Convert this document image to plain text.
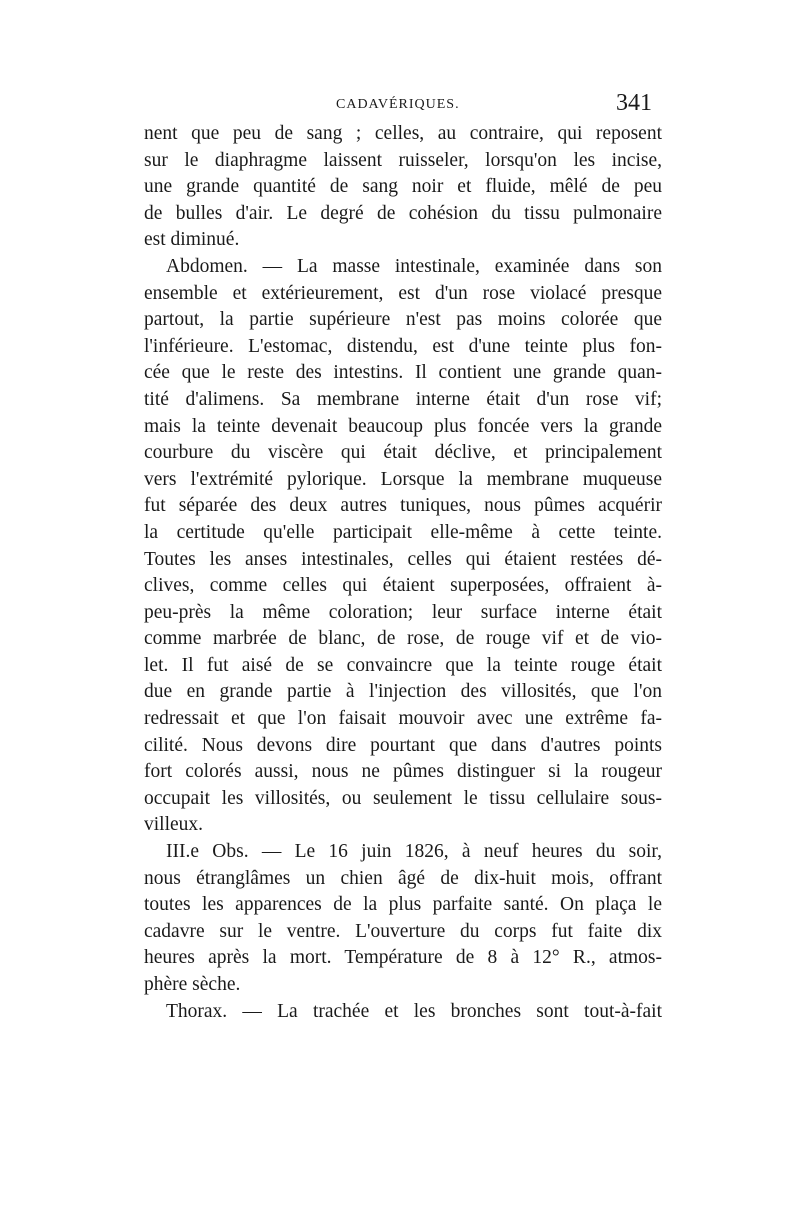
CADAVÉRIQUES.	341
nent que peu de sang ; celles, au contraire, qui reposent
sur le diaphragme laissent ruisseler, lorsqu'on les incise,
une grande quantité de sang noir et fluide, mêlé de peu
de bulles d'air. Le degré de cohésion du tissu pulmonaire
est diminué.
Abdomen. — La masse intestinale, examinée dans son
ensemble et extérieurement, est d'un rose violacé presque
partout, la partie supérieure n'est pas moins colorée que
l'inférieure. L'estomac, distendu, est d'une teinte plus fon-
cée que le reste des intestins. Il contient une grande quan-
tité d'alimens. Sa membrane interne était d'un rose vif;
mais la teinte devenait beaucoup plus foncée vers la grande
courbure du viscère qui était déclive, et principalement
vers l'extrémité pylorique. Lorsque la membrane muqueuse
fut séparée des deux autres tuniques, nous pûmes acquérir
la certitude qu'elle participait elle-même à cette teinte.
Toutes les anses intestinales, celles qui étaient restées dé-
clives, comme celles qui étaient superposées, offraient à-
peu-près la même coloration; leur surface interne était
comme marbrée de blanc, de rose, de rouge vif et de vio-
let. Il fut aisé de se convaincre que la teinte rouge était
due en grande partie à l'injection des villosités, que l'on
redressait et que l'on faisait mouvoir avec une extrême fa-
cilité. Nous devons dire pourtant que dans d'autres points
fort colorés aussi, nous ne pûmes distinguer si la rougeur
occupait les villosités, ou seulement le tissu cellulaire sous-
villeux.
III.e Obs. — Le 16 juin 1826, à neuf heures du soir,
nous étranglâmes un chien âgé de dix-huit mois, offrant
toutes les apparences de la plus parfaite santé. On plaça le
cadavre sur le ventre. L'ouverture du corps fut faite dix
heures après la mort. Température de 8 à 12° R., atmos-
phère sèche.
Thorax. — La trachée et les bronches sont tout-à-fait
